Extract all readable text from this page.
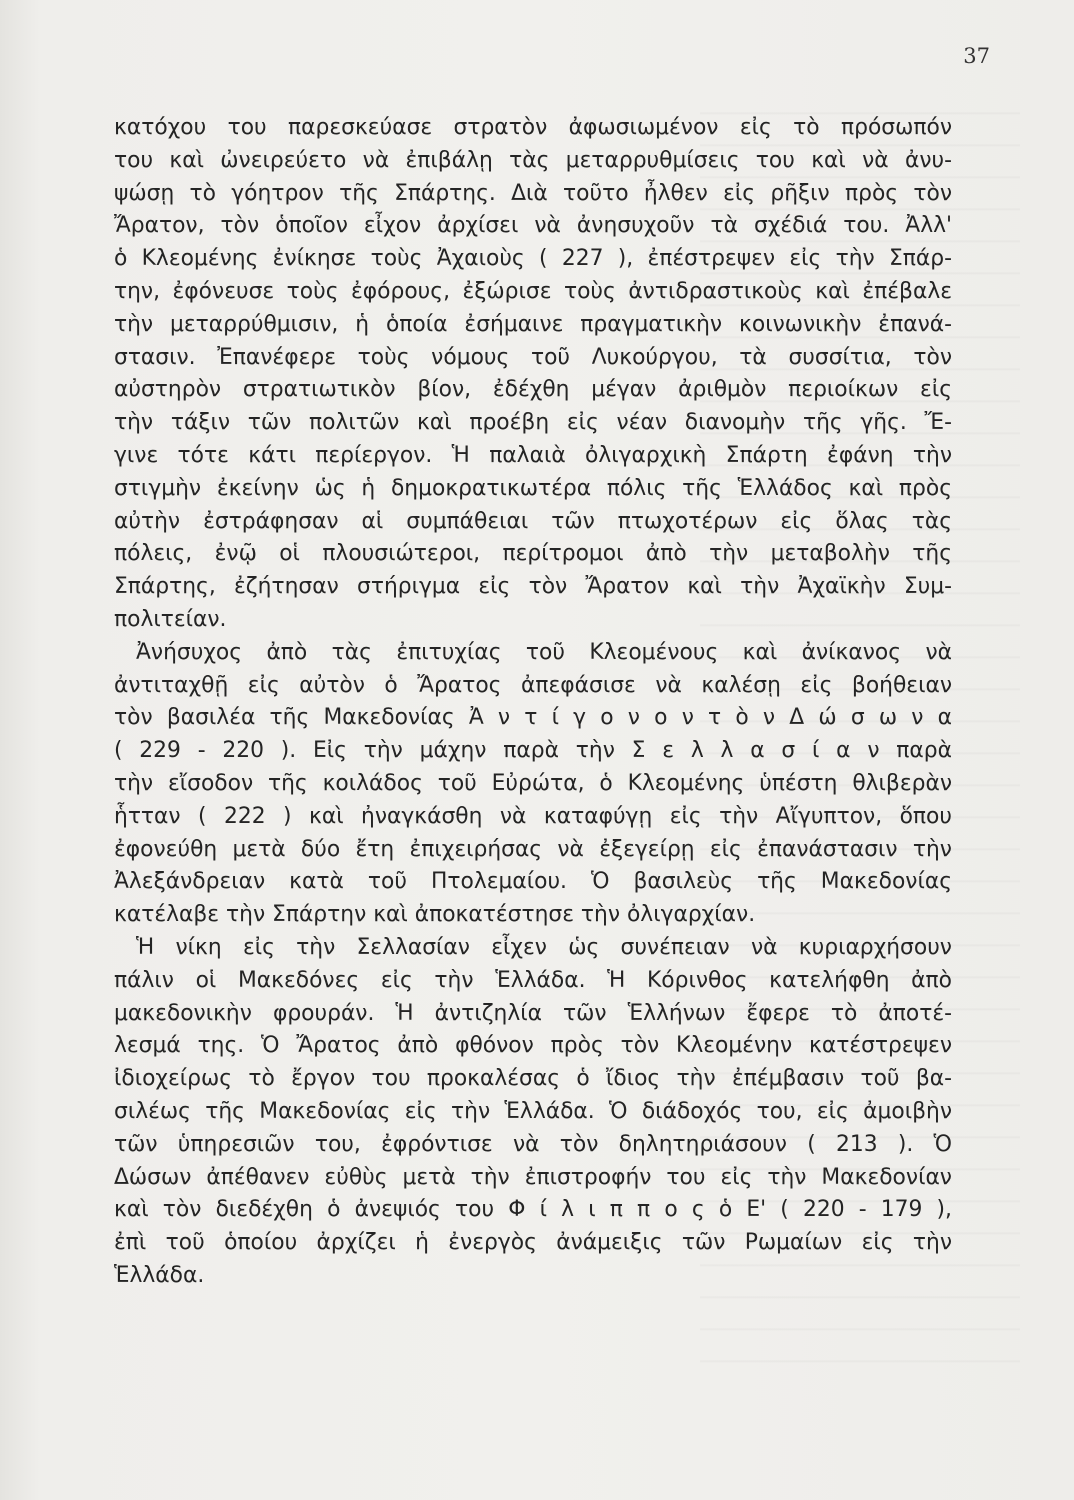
37
κατόχου του παρεσκεύασε στρατὸν ἀφωσιωμένον εἰς τὸ πρόσωπόν
του καὶ ὠνειρεύετο νὰ ἐπιβάλῃ τὰς μεταρρυθμίσεις του καὶ νὰ ἀνυ-
ψώσῃ τὸ γόητρον τῆς Σπάρτης. Διὰ τοῦτο ἦλθεν εἰς ρῆξιν πρὸς τὸν
Ἄρατον, τὸν ὁποῖον εἶχον ἀρχίσει νὰ ἀνησυχοῦν τὰ σχέδιά του. Ἀλλ'
ὁ Κλεομένης ἐνίκησε τοὺς Ἀχαιοὺς ( 227 ), ἐπέστρεψεν εἰς τὴν Σπάρ-
την, ἐφόνευσε τοὺς ἐφόρους, ἐξώρισε τοὺς ἀντιδραστικοὺς καὶ ἐπέβαλε
τὴν μεταρρύθμισιν, ἡ ὁποία ἐσήμαινε πραγματικὴν κοινωνικὴν ἐπανά-
στασιν. Ἐπανέφερε τοὺς νόμους τοῦ Λυκούργου, τὰ συσσίτια, τὸν
αὐστηρὸν στρατιωτικὸν βίον, ἐδέχθη μέγαν ἀριθμὸν περιοίκων εἰς
τὴν τάξιν τῶν πολιτῶν καὶ προέβη εἰς νέαν διανομὴν τῆς γῆς. Ἔ-
γινε τότε κάτι περίεργον. Ἡ παλαιὰ ὀλιγαρχικὴ Σπάρτη ἐφάνη τὴν
στιγμὴν ἐκείνην ὡς ἡ δημοκρατικωτέρα πόλις τῆς Ἑλλάδος καὶ πρὸς
αὐτὴν ἐστράφησαν αἱ συμπάθειαι τῶν πτωχοτέρων εἰς ὅλας τὰς
πόλεις, ἐνῷ οἱ πλουσιώτεροι, περίτρομοι ἀπὸ τὴν μεταβολὴν τῆς
Σπάρτης, ἐζήτησαν στήριγμα εἰς τὸν Ἄρατον καὶ τὴν Ἀχαϊκὴν Συμ-
πολιτείαν.
Ἀνήσυχος ἀπὸ τὰς ἐπιτυχίας τοῦ Κλεομένους καὶ ἀνίκανος νὰ
ἀντιταχθῇ εἰς αὐτὸν ὁ Ἄρατος ἀπεφάσισε νὰ καλέσῃ εἰς βοήθειαν
τὸν βασιλέα τῆς Μακεδονίας Ἀ ν τ ί γ ο ν ο ν τ ὸ ν Δ ώ σ ω ν α
( 229 - 220 ). Εἰς τὴν μάχην παρὰ τὴν Σ ε λ λ α σ ί α ν παρὰ
τὴν εἴσοδον τῆς κοιλάδος τοῦ Εὐρώτα, ὁ Κλεομένης ὑπέστη θλιβερὰν
ἧτταν ( 222 ) καὶ ἠναγκάσθη νὰ καταφύγῃ εἰς τὴν Αἴγυπτον, ὅπου
ἐφονεύθη μετὰ δύο ἔτη ἐπιχειρήσας νὰ ἐξεγείρῃ εἰς ἐπανάστασιν τὴν
Ἀλεξάνδρειαν κατὰ τοῦ Πτολεμαίου. Ὁ βασιλεὺς τῆς Μακεδονίας
κατέλαβε τὴν Σπάρτην καὶ ἀποκατέστησε τὴν ὀλιγαρχίαν.
Ἡ νίκη εἰς τὴν Σελλασίαν εἶχεν ὡς συνέπειαν νὰ κυριαρχήσουν
πάλιν οἱ Μακεδόνες εἰς τὴν Ἑλλάδα. Ἡ Κόρινθος κατελήφθη ἀπὸ
μακεδονικὴν φρουράν. Ἡ ἀντιζηλία τῶν Ἑλλήνων ἔφερε τὸ ἀποτέ-
λεσμά της. Ὁ Ἄρατος ἀπὸ φθόνον πρὸς τὸν Κλεομένην κατέστρεψεν
ἰδιοχείρως τὸ ἔργον του προκαλέσας ὁ ἴδιος τὴν ἐπέμβασιν τοῦ βα-
σιλέως τῆς Μακεδονίας εἰς τὴν Ἑλλάδα. Ὁ διάδοχός του, εἰς ἀμοιβὴν
τῶν ὑπηρεσιῶν του, ἐφρόντισε νὰ τὸν δηλητηριάσουν ( 213 ). Ὁ
Δώσων ἀπέθανεν εὐθὺς μετὰ τὴν ἐπιστροφήν του εἰς τὴν Μακεδονίαν
καὶ τὸν διεδέχθη ὁ ἀνεψιός του Φ ί λ ι π π ο ς ὁ Ε' ( 220 - 179 ),
ἐπὶ τοῦ ὁποίου ἀρχίζει ἡ ἐνεργὸς ἀνάμειξις τῶν Ρωμαίων εἰς τὴν
Ἑλλάδα.
